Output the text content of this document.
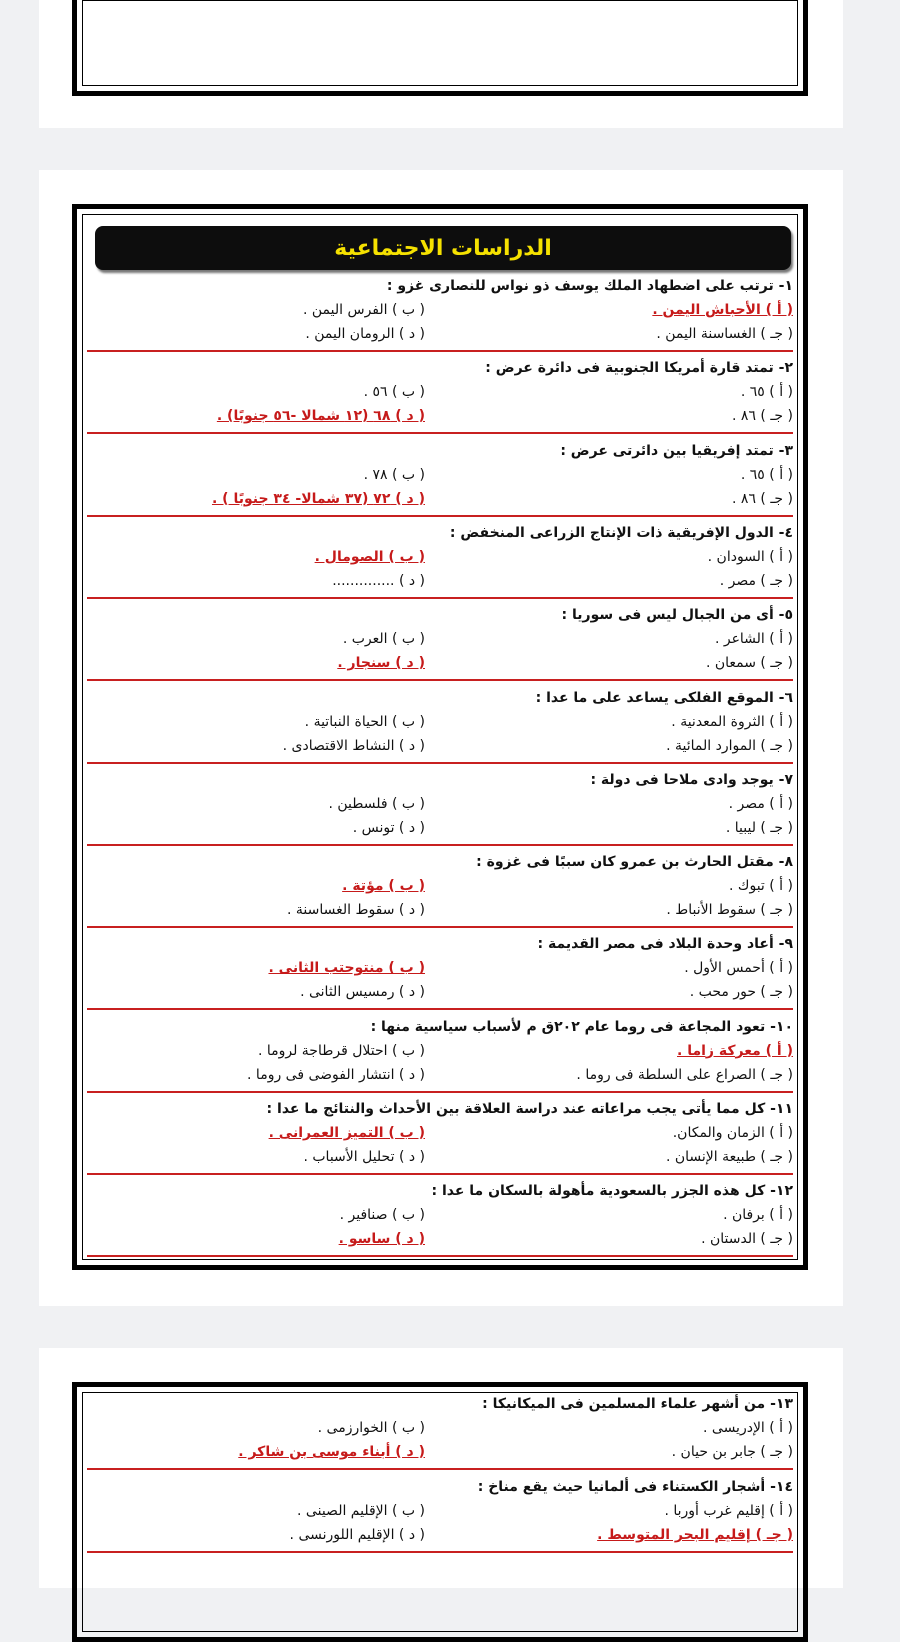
الدراسات الاجتماعية
١- ترتب على اضطهاد الملك يوسف ذو نواس للنصارى غزو :
( أ ) الأحباش اليمن .
( ب ) الفرس اليمن .
( جـ ) الغساسنة اليمن .
( د ) الرومان اليمن .
٢- تمتد قارة أمريكا الجنوبية فى دائرة عرض :
( أ ) ٦٥ .
( ب ) ٥٦ .
( جـ ) ٨٦ .
( د ) ٦٨ (١٢ شمالا -٥٦ جنوبًا) .
٣- تمتد إفريقيا بين دائرتى عرض :
( أ ) ٦٥ .
( ب ) ٧٨ .
( جـ ) ٨٦ .
( د ) ٧٢ (٣٧ شمالا- ٣٤ جنوبًا ) .
٤- الدول الإفريقية ذات الإنتاج الزراعى المنخفض :
( أ ) السودان .
( ب ) الصومال .
( جـ ) مصر .
( د ) ..............
٥- أى من الجبال ليس فى سوريا :
( أ ) الشاعر .
( ب ) العرب .
( جـ ) سمعان .
( د ) سنجار .
٦- الموقع الفلكى يساعد على ما عدا :
( أ ) الثروة المعدنية .
( ب ) الحياة النباتية .
( جـ ) الموارد المائية .
( د ) النشاط الاقتصادى .
٧- يوجد وادى ملاحا فى دولة :
( أ ) مصر .
( ب ) فلسطين .
( جـ ) ليبيا .
( د ) تونس .
٨- مقتل الحارث بن عمرو كان سببًا فى غزوة :
( أ ) تبوك .
( ب ) مؤتة .
( جـ ) سقوط الأنباط .
( د ) سقوط الغساسنة .
٩- أعاد وحدة البلاد فى مصر القديمة :
( أ ) أحمس الأول .
( ب ) منتوحتب الثانى .
( جـ ) حور محب .
( د ) رمسيس الثانى .
١٠- تعود المجاعة فى روما عام ٢٠٢ق م لأسباب سياسية منها :
( أ ) معركة زاما .
( ب ) احتلال قرطاجة لروما .
( جـ ) الصراع على السلطة فى روما .
( د ) انتشار الفوضى فى روما .
١١- كل مما يأتى يجب مراعاته عند دراسة العلاقة بين الأحداث والنتائج ما عدا :
( أ ) الزمان والمكان.
( ب ) التميز العمرانى .
( جـ ) طبيعة الإنسان .
( د ) تحليل الأسباب .
١٢- كل هذه الجزر بالسعودية مأهولة بالسكان ما عدا :
( أ ) برفان .
( ب ) صنافير .
( جـ ) الدستان .
( د ) ساسو .
١٣- من أشهر علماء المسلمين فى الميكانيكا :
( أ ) الإدريسى .
( ب ) الخوارزمى .
( جـ ) جابر بن حيان .
( د ) أبناء موسى بن شاكر .
١٤- أشجار الكستناء فى ألمانيا حيث يقع مناخ :
( أ ) إقليم غرب أوربا .
( ب ) الإقليم الصينى .
( جـ ) إقليم البحر المتوسط .
( د ) الإقليم اللورنسى .
